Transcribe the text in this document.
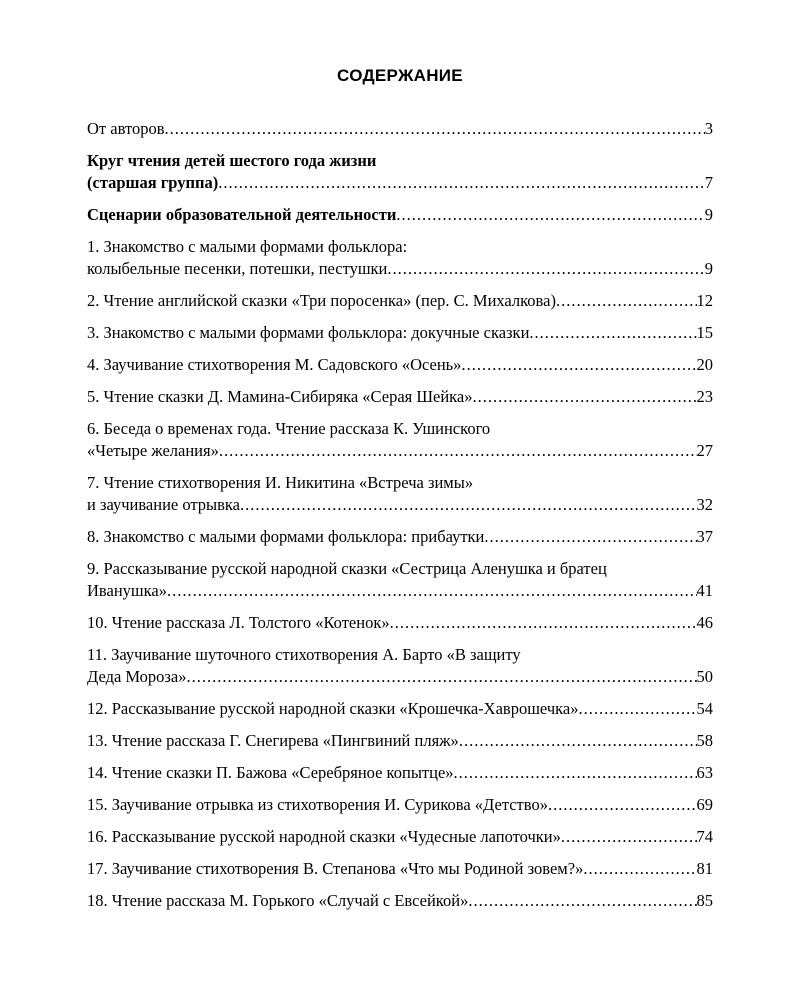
СОДЕРЖАНИЕ
От авторов .....	3
Круг чтения детей шестого года жизни
(старшая группа) .....	7
Сценарии образовательной деятельности .....	9
1. Знакомство с малыми формами фольклора:
колыбельные песенки, потешки, пестушки .....	9
2. Чтение английской сказки «Три поросенка» (пер. С. Михалкова) .....	12
3. Знакомство с малыми формами фольклора: докучные сказки .....	15
4. Заучивание стихотворения М. Садовского «Осень» .....	20
5. Чтение сказки Д. Мамина-Сибиряка «Серая Шейка» .....	23
6. Беседа о временах года. Чтение рассказа К. Ушинского
«Четыре желания» .....	27
7. Чтение стихотворения И. Никитина «Встреча зимы»
и заучивание отрывка .....	32
8. Знакомство с малыми формами фольклора: прибаутки .....	37
9. Рассказывание русской народной сказки «Сестрица Аленушка и братец
Иванушка» .....	41
10. Чтение рассказа Л. Толстого «Котенок» .....	46
11. Заучивание шуточного стихотворения А. Барто «В защиту
Деда Мороза» .....	50
12. Рассказывание русской народной сказки «Крошечка-Хаврошечка» .....	54
13. Чтение рассказа Г. Снегирева «Пингвиний пляж» .....	58
14. Чтение сказки П. Бажова «Серебряное копытце» .....	63
15. Заучивание отрывка из стихотворения И. Сурикова «Детство» .....	69
16. Рассказывание русской народной сказки «Чудесные лапоточки» .....	74
17. Заучивание стихотворения В. Степанова «Что мы Родиной зовем?» .....	81
18. Чтение рассказа М. Горького «Случай с Евсейкой» .....	85
